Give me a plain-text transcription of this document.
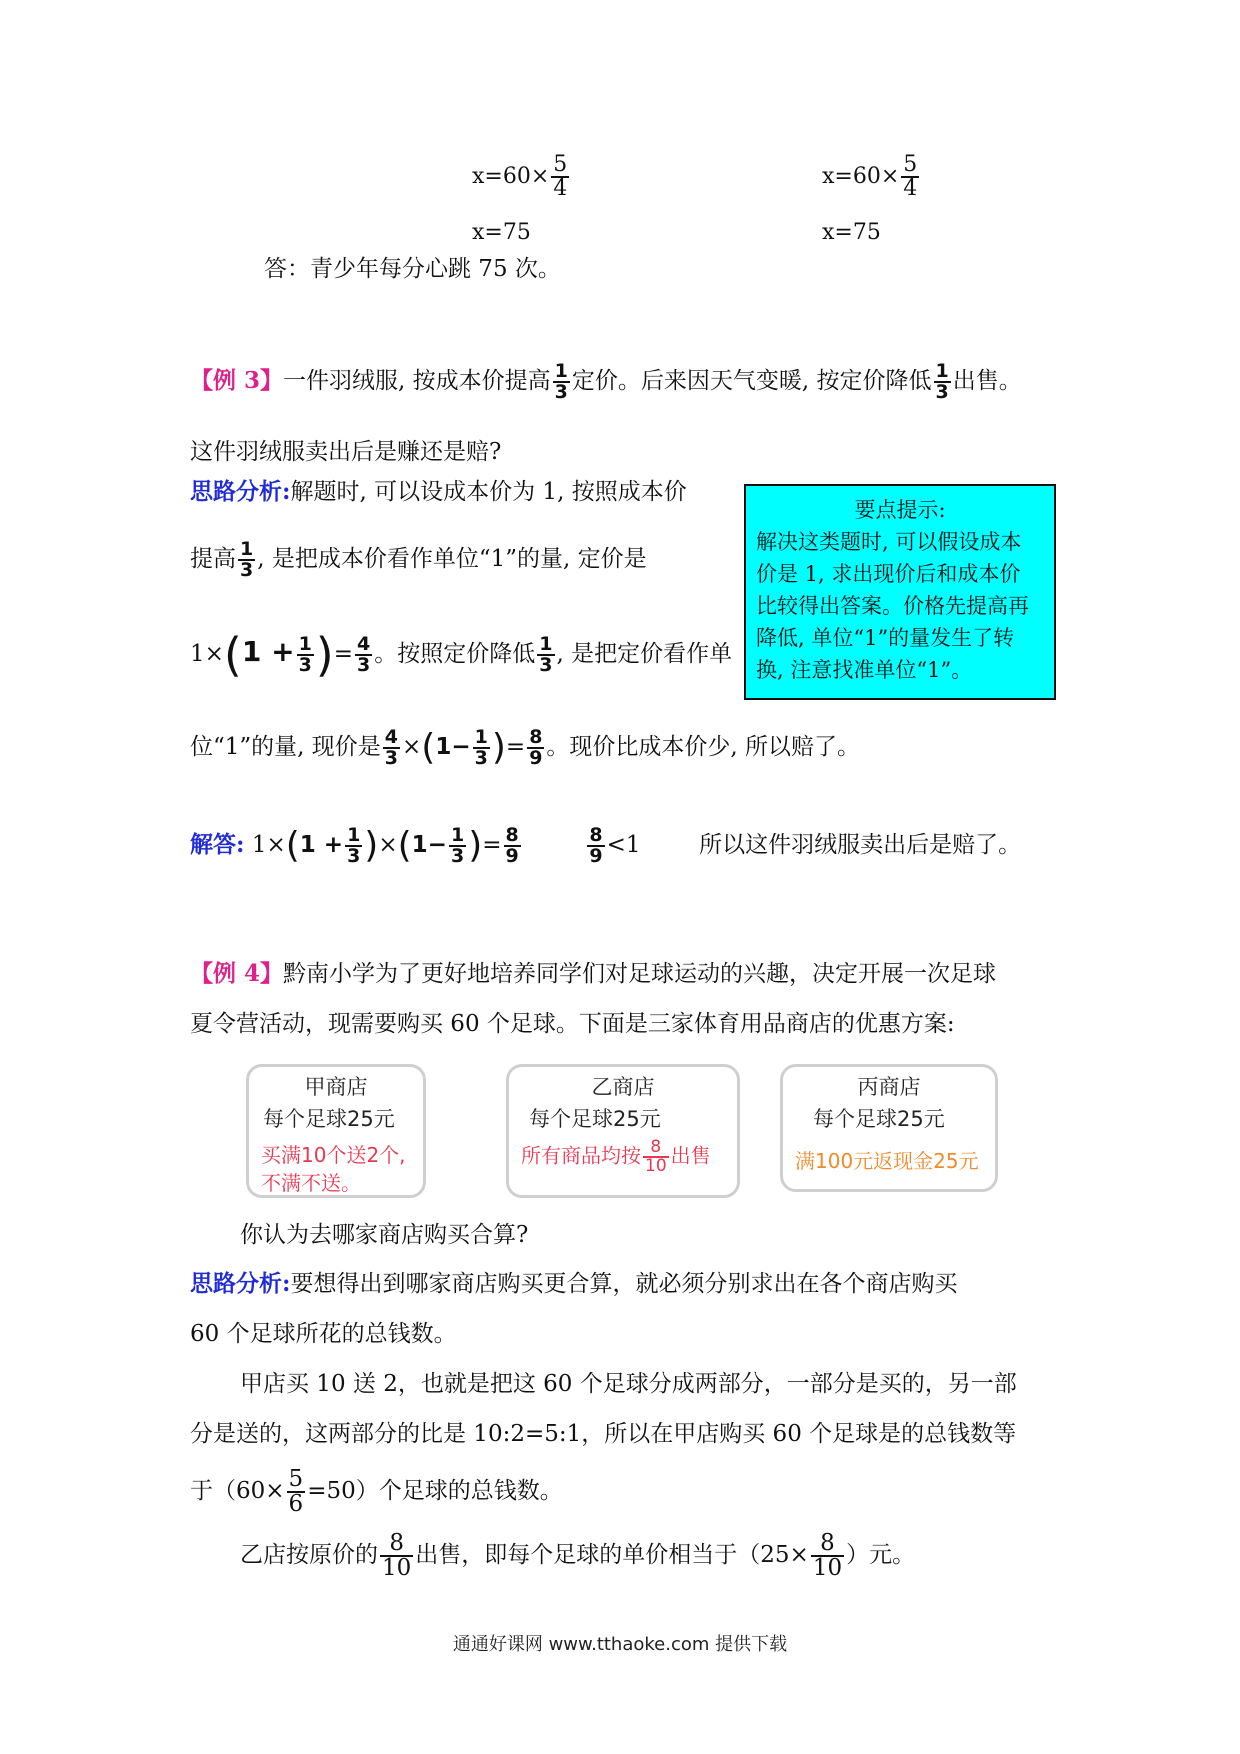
$x=60\times \frac{5}{4}$
x=75
$x=60\times \frac{5}{4}$
x=75
答：青少年每分心跳 75 次。
【例 3】一件羽绒服, 按成本价提高 $\frac{1}{3}$ 定价。后来因天气变暖, 按定价降低 $\frac{1}{3}$ 出售。
这件羽绒服卖出后是赚还是赔?
思路分析:解题时, 可以设成本价为 1, 按照成本价
提高 $\frac{1}{3}$ , 是把成本价看作单位“1”的量, 定价是
$1\times(1 + \frac{1}{3}$ )= $\frac{4}{3}$ 。按照定价降低 $\frac{1}{3}$ , 是把定价看作单
位“1”的量, 现价是 $\frac{4}{3} \times(1- \frac{1}{3}$ )= $\frac{8}{9}$ 。现价比成本价少, 所以赔了。
解答: $1\times(1 + \frac{1}{3} )\times(1- \frac{1}{3}$ )= $\frac{8}{9}$
	$\frac{8}{9} <1$	所以这件羽绒服卖出后是赔了。
要点提示:
解决这类题时, 可以假设成本
价是 1, 求出现价后和成本价
比较得出答案。价格先提高再
降低, 单位“1”的量发生了转
换, 注意找准单位“1”。
【例 4】黔南小学为了更好地培养同学们对足球运动的兴趣，决定开展一次足球
夏令营活动，现需要购买 60 个足球。下面是三家体育用品商店的优惠方案:
甲商店
每个足球25元
买满10个送2个,
不满不送。
乙商店
每个足球25元
所有商品均按 $\frac{8}{10}$ 出售
丙商店
每个足球25元
满100元返现金25元
你认为去哪家商店购买合算?
思路分析:要想得出到哪家商店购买更合算，就必须分别求出在各个商店购买
60 个足球所花的总钱数。
甲店买 10 送 2，也就是把这 60 个足球分成两部分，一部分是买的，另一部
分是送的，这两部分的比是 10:2=5:1，所以在甲店购买 60 个足球是的总钱数等
于$(60\times \frac{5}{6} =50)$个足球的总钱数。
乙店按原价的 $\frac{8}{10}$ 出售，即每个足球的单价相当于（$25\times \frac{8}{10}$ ）元。
通通好课网 www.tthaoke.com 提供下载
